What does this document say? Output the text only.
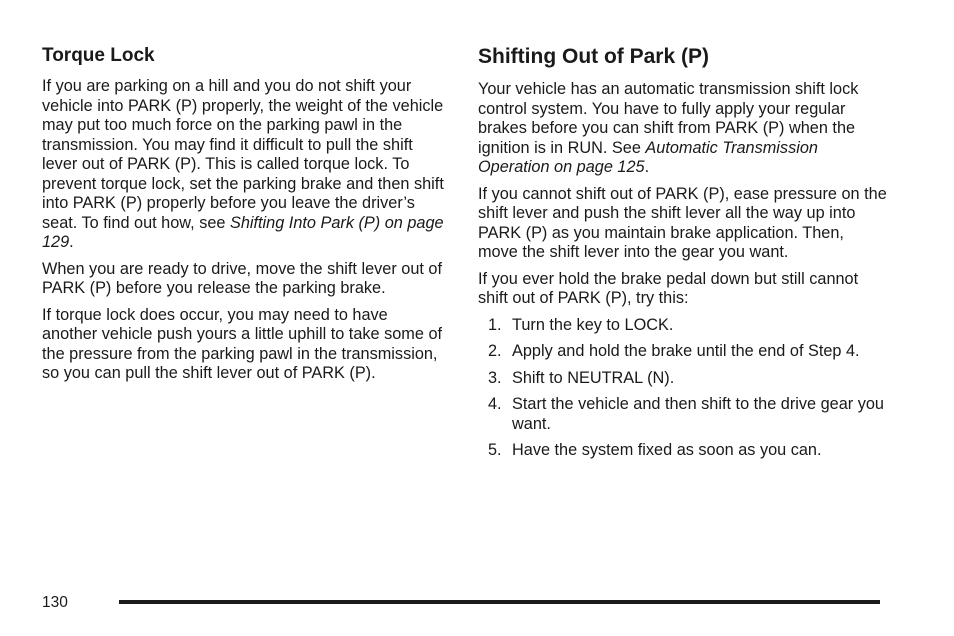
Torque Lock

If you are parking on a hill and you do not shift your vehicle into PARK (P) properly, the weight of the vehicle may put too much force on the parking pawl in the transmission. You may find it difficult to pull the shift lever out of PARK (P). This is called torque lock. To prevent torque lock, set the parking brake and then shift into PARK (P) properly before you leave the driver’s seat. To find out how, see Shifting Into Park (P) on page 129.

When you are ready to drive, move the shift lever out of PARK (P) before you release the parking brake.

If torque lock does occur, you may need to have another vehicle push yours a little uphill to take some of the pressure from the parking pawl in the transmission, so you can pull the shift lever out of PARK (P).

Shifting Out of Park (P)

Your vehicle has an automatic transmission shift lock control system. You have to fully apply your regular brakes before you can shift from PARK (P) when the ignition is in RUN. See Automatic Transmission Operation on page 125.

If you cannot shift out of PARK (P), ease pressure on the shift lever and push the shift lever all the way up into PARK (P) as you maintain brake application. Then, move the shift lever into the gear you want.

If you ever hold the brake pedal down but still cannot shift out of PARK (P), try this:

1. Turn the key to LOCK.
2. Apply and hold the brake until the end of Step 4.
3. Shift to NEUTRAL (N).
4. Start the vehicle and then shift to the drive gear you want.
5. Have the system fixed as soon as you can.
130
